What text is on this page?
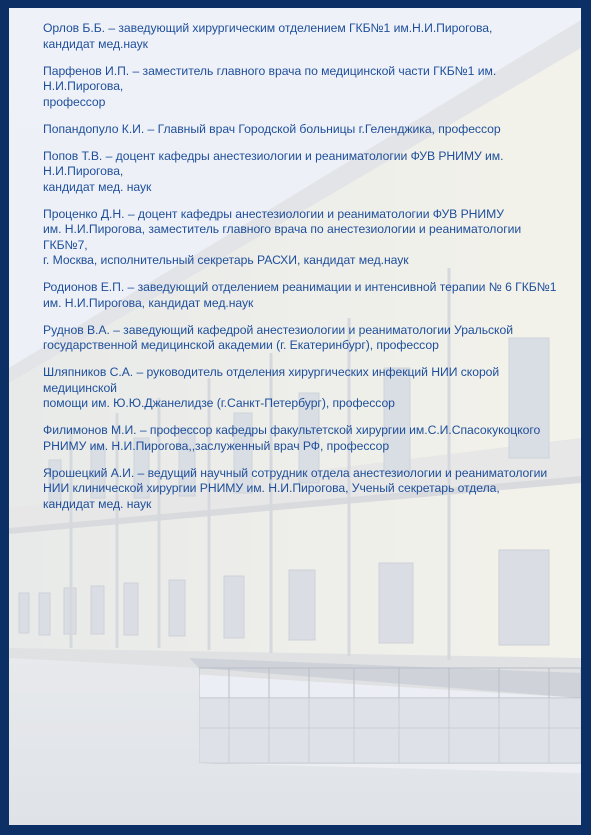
Орлов Б.Б. – заведующий хирургическим отделением ГКБ№1 им.Н.И.Пирогова,
кандидат мед.наук

Парфенов И.П. – заместитель главного врача по медицинской части ГКБ№1 им. Н.И.Пирогова,
профессор

Попандопуло К.И. – Главный врач Городской больницы г.Геленджика, профессор

Попов Т.В. – доцент кафедры анестезиологии и реаниматологии ФУВ РНИМУ им. Н.И.Пирогова,
кандидат мед. наук

Проценко Д.Н. – доцент кафедры анестезиологии и реаниматологии ФУВ РНИМУ
им. Н.И.Пирогова, заместитель главного врача по анестезиологии и реаниматологии ГКБ№7,
г. Москва, исполнительный секретарь РАСХИ, кандидат мед.наук

Родионов Е.П. – заведующий отделением реанимации и интенсивной терапии № 6 ГКБ№1
им. Н.И.Пирогова, кандидат мед.наук

Руднов В.А. – заведующий кафедрой анестезиологии и реаниматологии Уральской
государственной медицинской академии (г. Екатеринбург), профессор

Шляпников С.А. – руководитель отделения хирургических инфекций НИИ скорой медицинской
помощи им. Ю.Ю.Джанелидзе (г.Санкт-Петербург), профессор

Филимонов М.И. – профессор кафедры факультетской хирургии им.С.И.Спасокукоцкого
РНИМУ им. Н.И.Пирогова,,заслуженный врач РФ, профессор

Ярошецкий А.И. – ведущий научный сотрудник отдела анестезиологии и реаниматологии
НИИ клинической хирургии РНИМУ им. Н.И.Пирогова, Ученый секретарь отдела,
кандидат мед. наук
